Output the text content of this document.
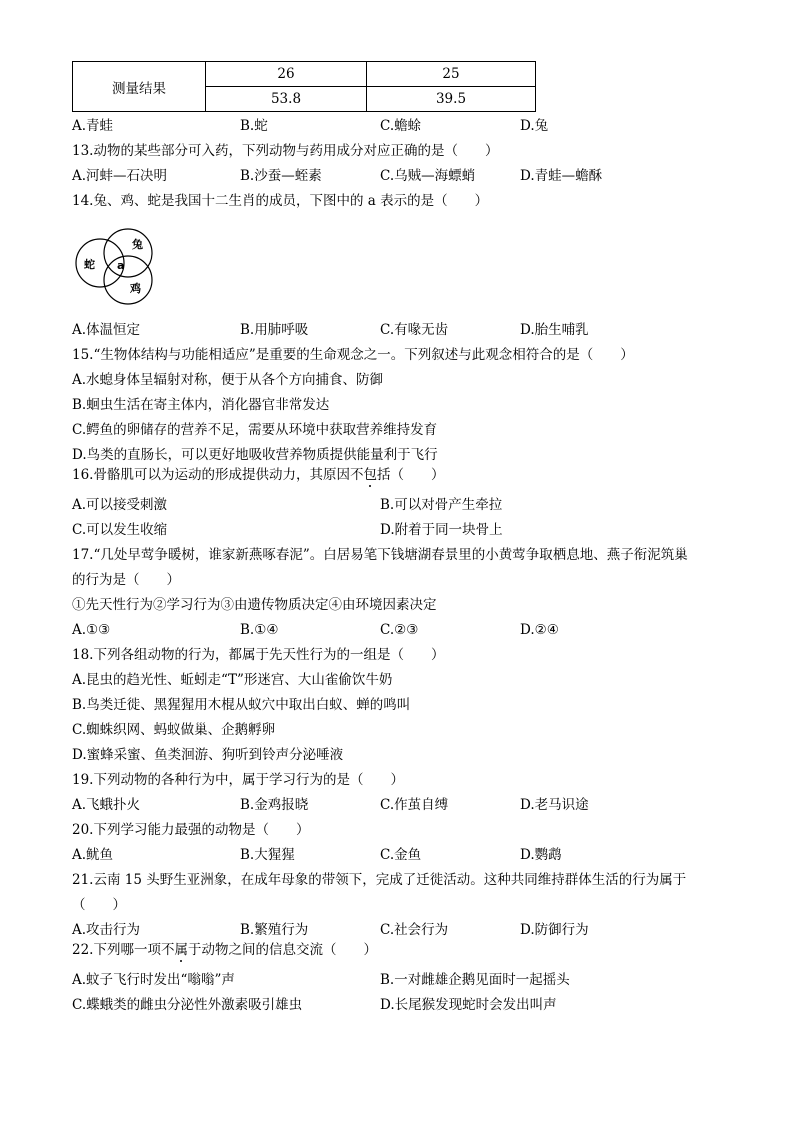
测量结果	26	25
	53.8	39.5
A.青蛙	B.蛇	C.蟾蜍	D.兔
13.动物的某些部分可入药，下列动物与药用成分对应正确的是（　　）
A.河蚌—石决明	B.沙蚕—蛭素	C.乌贼—海螵蛸	D.青蛙—蟾酥
14.兔、鸡、蛇是我国十二生肖的成员，下图中的 a 表示的是（　　）
蛇
兔
鸡
a
A.体温恒定	B.用肺呼吸	C.有喙无齿	D.胎生哺乳
15.“生物体结构与功能相适应”是重要的生命观念之一。下列叙述与此观念相符合的是（　　）
A.水螅身体呈辐射对称，便于从各个方向捕食、防御
B.蛔虫生活在寄主体内，消化器官非常发达
C.鳄鱼的卵储存的营养不足，需要从环境中获取营养维持发育
D.鸟类的直肠长，可以更好地吸收营养物质提供能量利于飞行
16.骨骼肌可以为运动的形成提供动力，其原因不包括（　　）
A.可以接受刺激	B.可以对骨产生牵拉
C.可以发生收缩	D.附着于同一块骨上
17.“几处早莺争暖树，谁家新燕啄春泥”。白居易笔下钱塘湖春景里的小黄莺争取栖息地、燕子衔泥筑巢
的行为是（　　）
①先天性行为②学习行为③由遗传物质决定④由环境因素决定
A.①③	B.①④	C.②③	D.②④
18.下列各组动物的行为，都属于先天性行为的一组是（　　）
A.昆虫的趋光性、蚯蚓走“T”形迷宫、大山雀偷饮牛奶
B.鸟类迁徙、黑猩猩用木棍从蚁穴中取出白蚁、蝉的鸣叫
C.蜘蛛织网、蚂蚁做巢、企鹅孵卵
D.蜜蜂采蜜、鱼类洄游、狗听到铃声分泌唾液
19.下列动物的各种行为中，属于学习行为的是（　　）
A.飞蛾扑火	B.金鸡报晓	C.作茧自缚	D.老马识途
20.下列学习能力最强的动物是（　　）
A.鱿鱼	B.大猩猩	C.金鱼	D.鹦鹉
21.云南 15 头野生亚洲象，在成年母象的带领下，完成了迁徙活动。这种共同维持群体生活的行为属于
（　　）
A.攻击行为	B.繁殖行为	C.社会行为	D.防御行为
22.下列哪一项不属于动物之间的信息交流（　　）
A.蚊子飞行时发出“嗡嗡”声	B.一对雌雄企鹅见面时一起摇头
C.蝶蛾类的雌虫分泌性外激素吸引雄虫	D.长尾猴发现蛇时会发出叫声
